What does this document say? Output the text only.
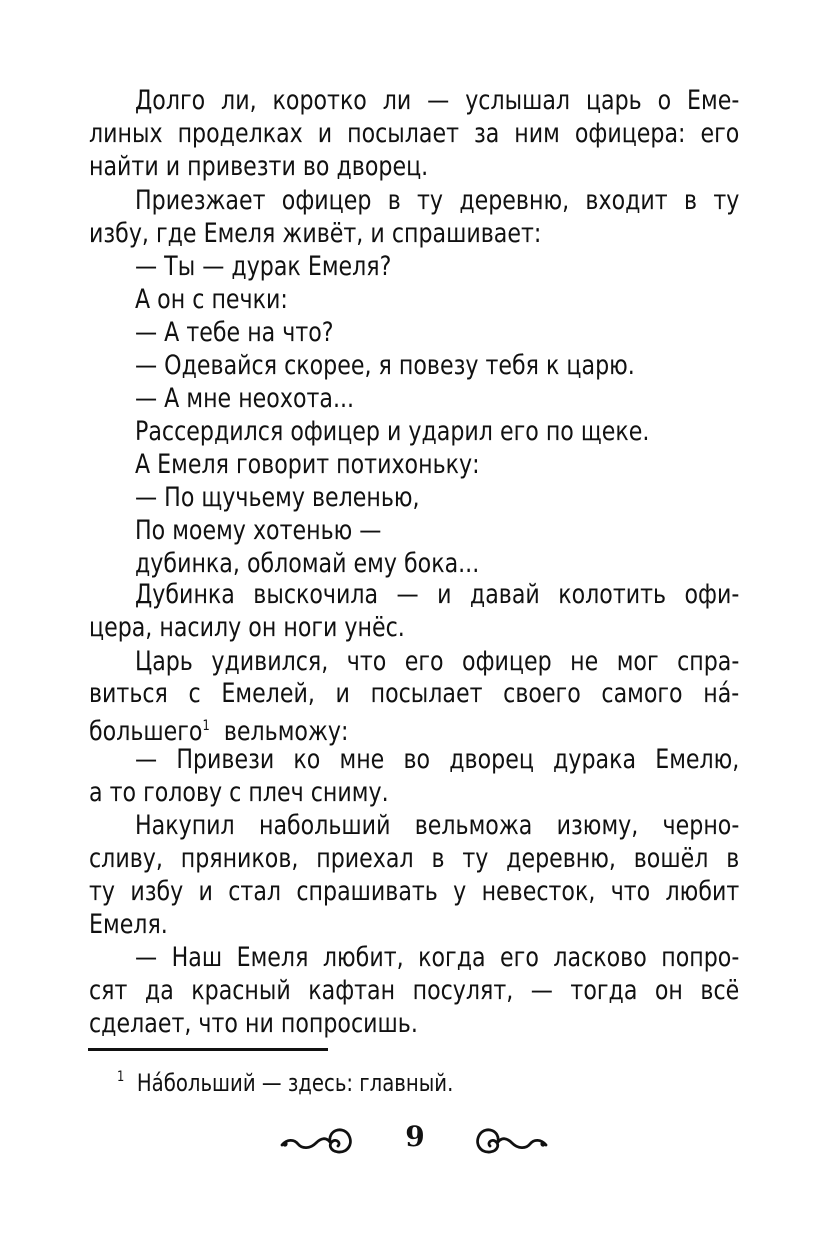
Долго ли, коротко ли — услышал царь о Еме-
линых проделках и посылает за ним офицера: его
найти и привезти во дворец.
Приезжает офицер в ту деревню, входит в ту
избу, где Емеля живёт, и спрашивает:
— Ты — дурак Емеля?
А он с печки:
— А тебе на что?
— Одевайся скорее, я повезу тебя к царю.
— А мне неохота...
Рассердился офицер и ударил его по щеке.
А Емеля говорит потихоньку:
— По щучьему веленью,
По моему хотенью —
дубинка, обломай ему бока...
Дубинка выскочила — и давай колотить офи-
цера, насилу он ноги унёс.
Царь удивился, что его офицер не мог спра-
виться с Емелей, и посылает своего самого на́-
большего$^1$ вельможу:
— Привези ко мне во дворец дурака Емелю,
а то голову с плеч сниму.
Накупил набольший вельможа изюму, черно-
сливу, пряников, приехал в ту деревню, вошёл в
ту избу и стал спрашивать у невесток, что любит
Емеля.
— Наш Емеля любит, когда его ласково попро-
сят да красный кафтан посулят, — тогда он всё
сделает, что ни попросишь.
$^1$ На́больший — здесь: главный.
9
